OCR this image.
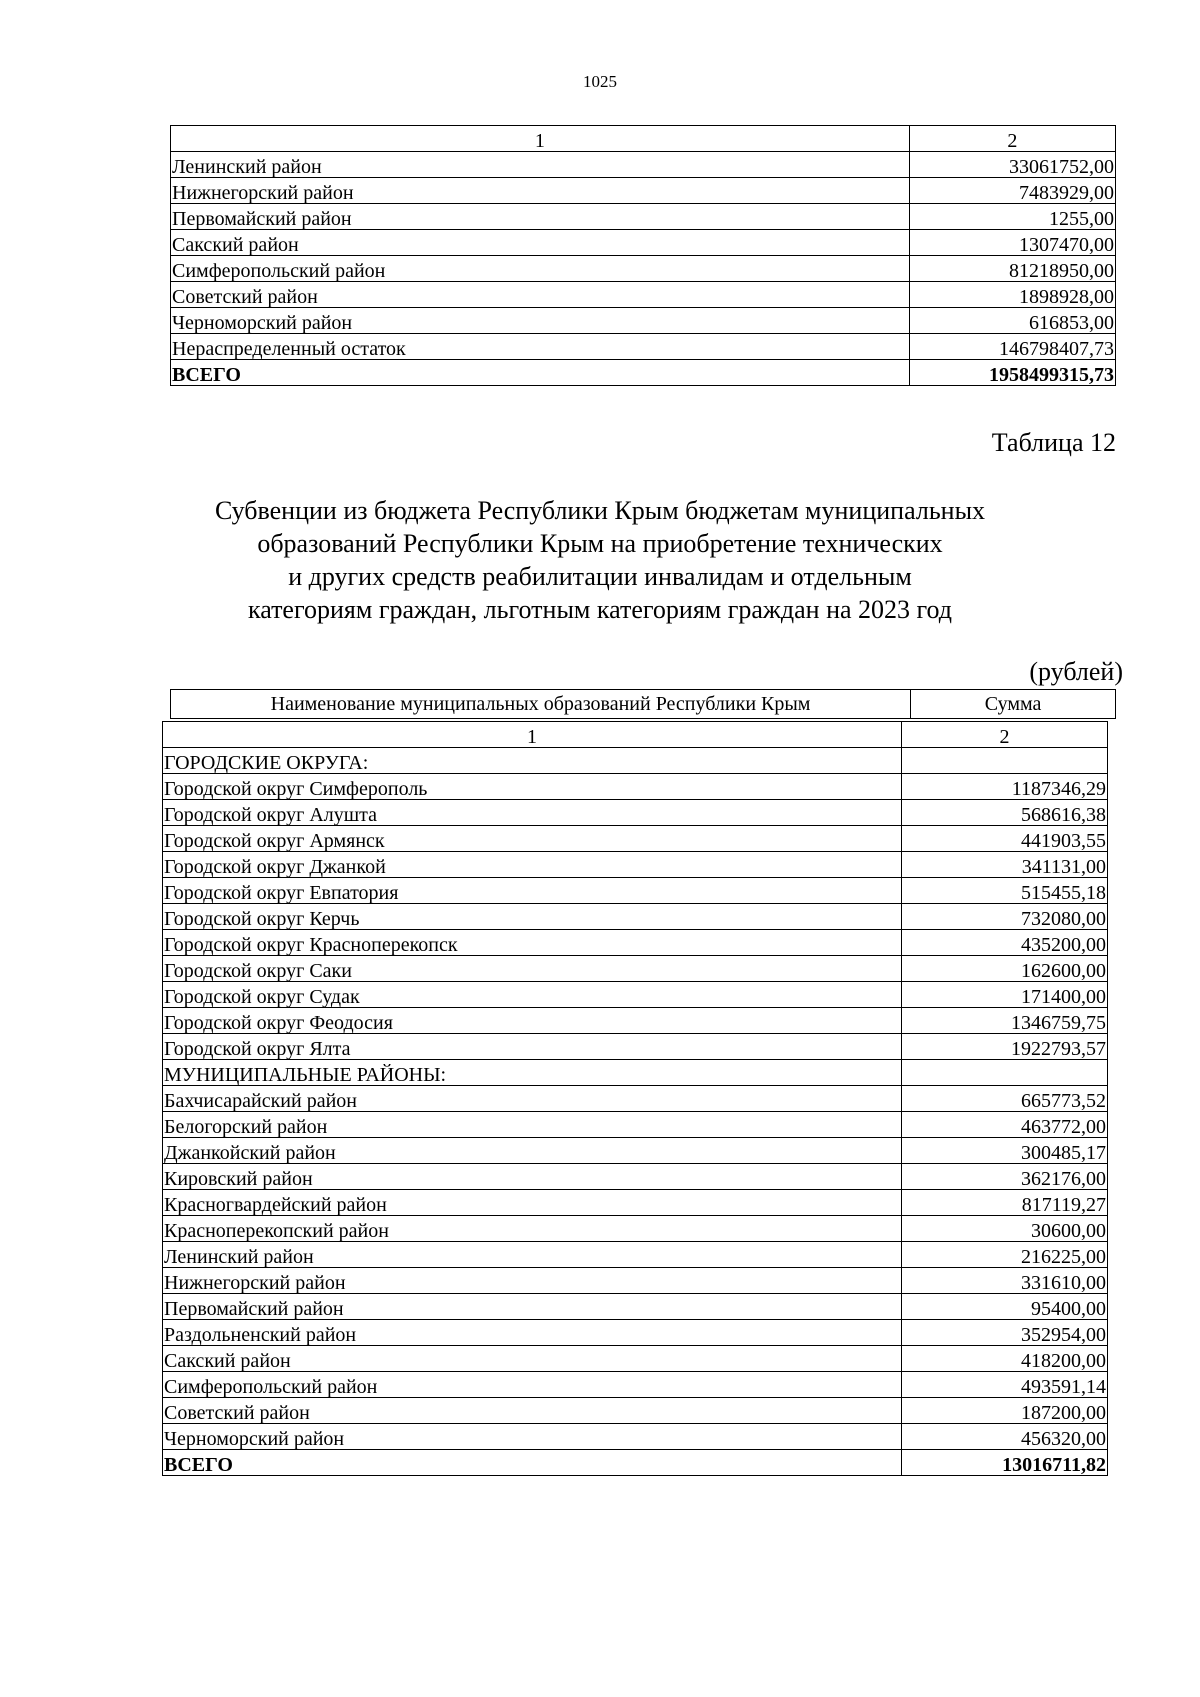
1025
1	2
Ленинский район	33061752,00
Нижнегорский район	7483929,00
Первомайский район	1255,00
Сакский район	1307470,00
Симферопольский район	81218950,00
Советский район	1898928,00
Черноморский район	616853,00
Нераспределенный остаток	146798407,73
ВСЕГО	1958499315,73
Таблица 12
Субвенции из бюджета Республики Крым бюджетам муниципальных
образований Республики Крым на приобретение технических
и других средств реабилитации инвалидам и отдельным
категориям граждан, льготным категориям граждан на 2023 год
(рублей)
Наименование муниципальных образований Республики Крым	Сумма
1	2
ГОРОДСКИЕ ОКРУГА:	
Городской округ Симферополь	1187346,29
Городской округ Алушта	568616,38
Городской округ Армянск	441903,55
Городской округ Джанкой	341131,00
Городской округ Евпатория	515455,18
Городской округ Керчь	732080,00
Городской округ Красноперекопск	435200,00
Городской округ Саки	162600,00
Городской округ Судак	171400,00
Городской округ Феодосия	1346759,75
Городской округ Ялта	1922793,57
МУНИЦИПАЛЬНЫЕ РАЙОНЫ:	
Бахчисарайский район	665773,52
Белогорский район	463772,00
Джанкойский район	300485,17
Кировский район	362176,00
Красногвардейский район	817119,27
Красноперекопский район	30600,00
Ленинский район	216225,00
Нижнегорский район	331610,00
Первомайский район	95400,00
Раздольненский район	352954,00
Сакский район	418200,00
Симферопольский район	493591,14
Советский район	187200,00
Черноморский район	456320,00
ВСЕГО	13016711,82
